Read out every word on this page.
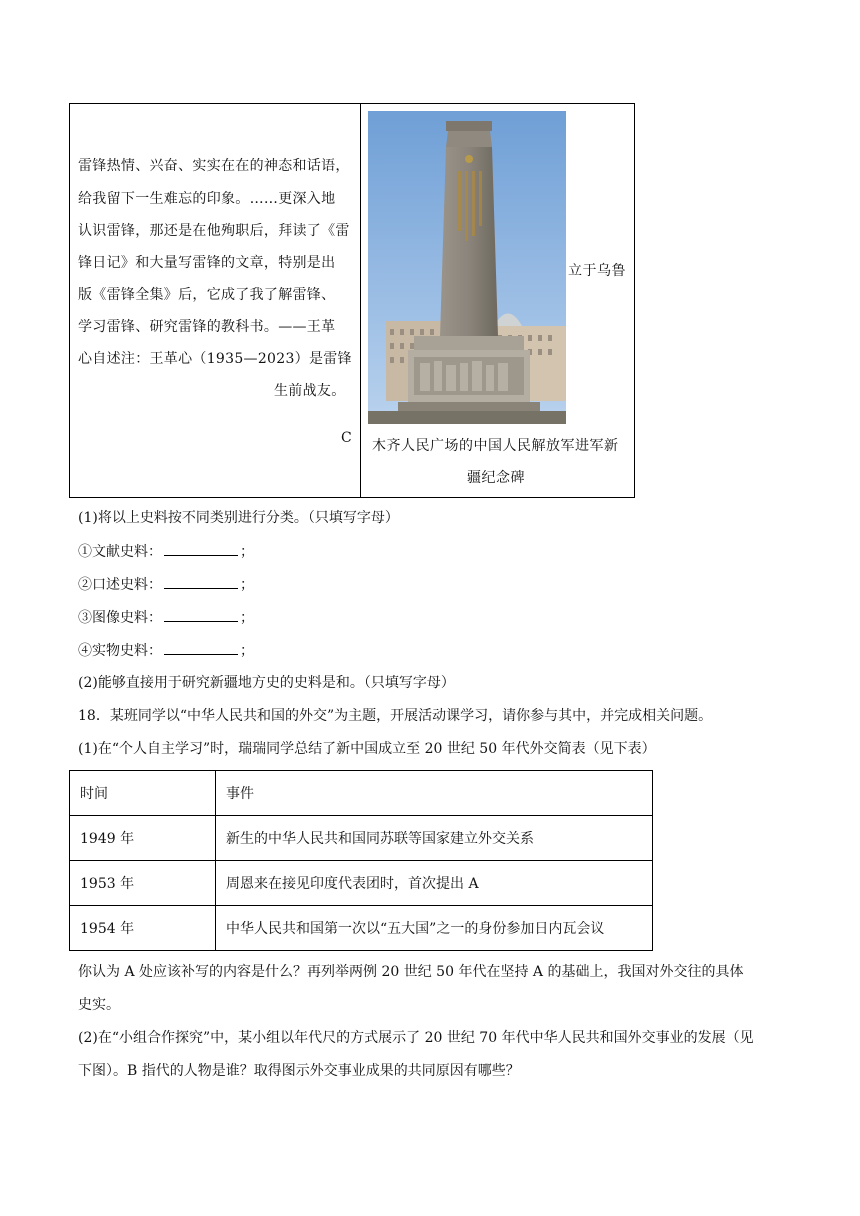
雷锋热情、兴奋、实实在在的神态和话语，
给我留下一生难忘的印象。……更深入地
认识雷锋，那还是在他殉职后，拜读了《雷
锋日记》和大量写雷锋的文章，特别是出
版《雷锋全集》后，它成了我了解雷锋、
学习雷锋、研究雷锋的教科书。——王革
心自述注：王革心（1935—2023）是雷锋
生前战友。
C
立于乌鲁
木齐人民广场的中国人民解放军进军新
疆纪念碑
(1)将以上史料按不同类别进行分类。（只填写字母）
①文献史料：	；
②口述史料：	；
③图像史料：	；
④实物史料：	；
(2)能够直接用于研究新疆地方史的史料是和。（只填写字母）
18．某班同学以“中华人民共和国的外交”为主题，开展活动课学习，请你参与其中，并完成相关问题。
(1)在“个人自主学习”时，瑞瑞同学总结了新中国成立至 20 世纪 50 年代外交简表（见下表）
时间	事件
1949 年	新生的中华人民共和国同苏联等国家建立外交关系
1953 年	周恩来在接见印度代表团时，首次提出 A
1954 年	中华人民共和国第一次以“五大国”之一的身份参加日内瓦会议
你认为 A 处应该补写的内容是什么？再列举两例 20 世纪 50 年代在坚持 A 的基础上，我国对外交往的具体
史实。
(2)在“小组合作探究”中，某小组以年代尺的方式展示了 20 世纪 70 年代中华人民共和国外交事业的发展（见
下图）。B 指代的人物是谁？取得图示外交事业成果的共同原因有哪些？
